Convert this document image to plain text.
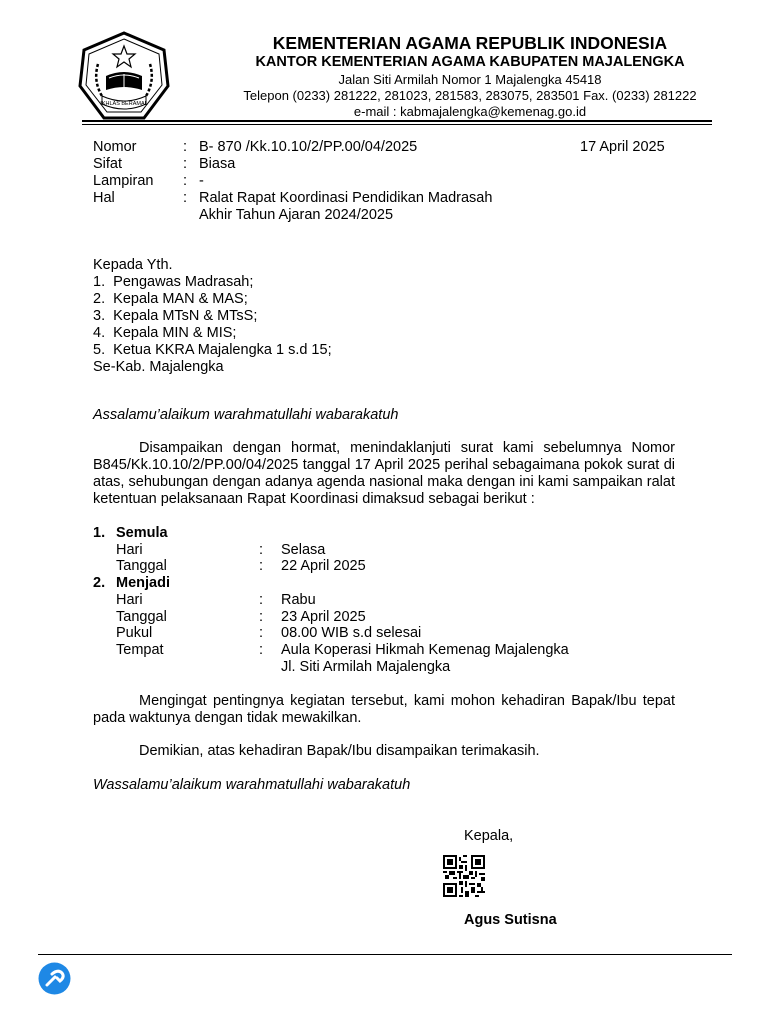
IKHLAS BERAMAL
KEMENTERIAN AGAMA REPUBLIK INDONESIA
KANTOR KEMENTERIAN AGAMA KABUPATEN MAJALENGKA
Jalan Siti Armilah Nomor 1 Majalengka 45418
Telepon (0233) 281222, 281023, 281583, 283075, 283501 Fax. (0233) 281222
e-mail : kabmajalengka@kemenag.go.id
Nomor	: B- 870 /Kk.10.10/2/PP.00/04/2025
Sifat	: Biasa
Lampiran	: -
Hal	: Ralat Rapat Koordinasi Pendidikan Madrasah
Akhir Tahun Ajaran 2024/2025
17 April 2025
Kepada Yth.
1.  Pengawas Madrasah;
2.  Kepala MAN & MAS;
3.  Kepala MTsN & MTsS;
4.  Kepala MIN & MIS;
5.  Ketua KKRA Majalengka 1 s.d 15;
Se-Kab. Majalengka
Assalamu’alaikum warahmatullahi wabarakatuh
Disampaikan dengan hormat, menindaklanjuti surat kami sebelumnya Nomor B845/Kk.10.10/2/PP.00/04/2025 tanggal 17 April 2025 perihal sebagaimana pokok surat di atas, sehubungan dengan adanya agenda nasional maka dengan ini kami sampaikan ralat ketentuan pelaksanaan Rapat Koordinasi dimaksud sebagai berikut :
1. Semula
Hari	:	Selasa
Tanggal	:	22 April 2025
2. Menjadi
Hari	:	Rabu
Tanggal	:	23 April 2025
Pukul	:	08.00 WIB s.d selesai
Tempat	:	Aula Koperasi Hikmah Kemenag Majalengka
Jl. Siti Armilah Majalengka
Mengingat pentingnya kegiatan tersebut, kami mohon kehadiran Bapak/Ibu tepat pada waktunya dengan tidak mewakilkan.
Demikian, atas kehadiran Bapak/Ibu disampaikan terimakasih.
Wassalamu’alaikum warahmatullahi wabarakatuh
Kepala,
Agus Sutisna
